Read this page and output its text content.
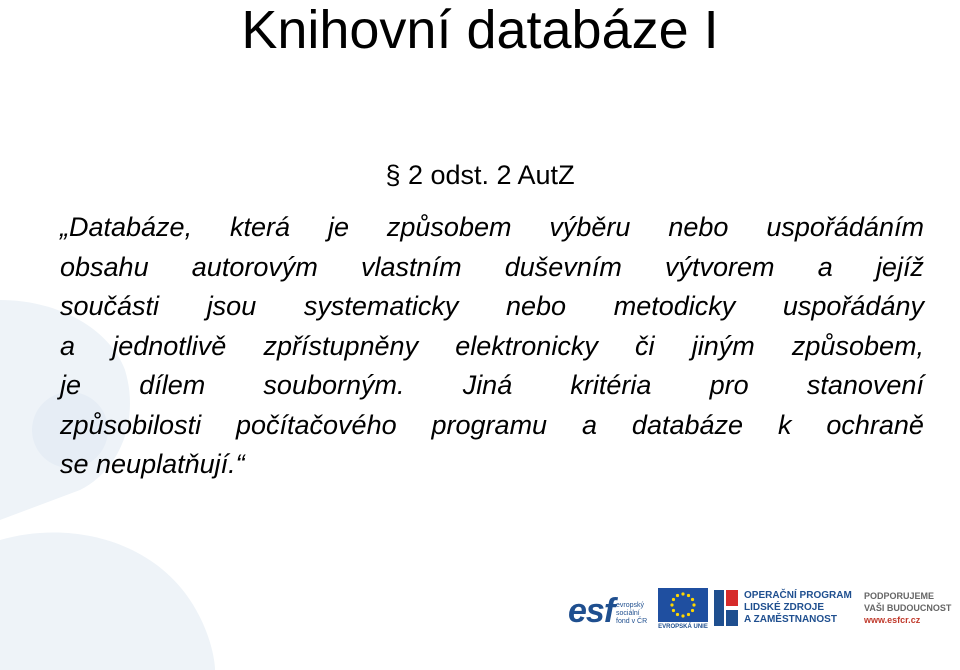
Knihovní databáze I
§ 2 odst. 2 AutZ
„Databáze, která je způsobem výběru nebo uspořádáním
obsahu autorovým vlastním duševním výtvorem a jejíž
součásti jsou systematicky nebo metodicky uspořádány
a jednotlivě zpřístupněny elektronicky či jiným způsobem,
je dílem souborným. Jiná kritéria pro stanovení
způsobilosti počítačového programu a databáze k ochraně
se neuplatňují.“
esf evropský
sociální
fond v ČR
EVROPSKÁ UNIE
OPERAČNÍ PROGRAM
LIDSKÉ ZDROJE
A ZAMĚSTNANOST
PODPORUJEME
VAŠI BUDOUCNOST
www.esfcr.cz
